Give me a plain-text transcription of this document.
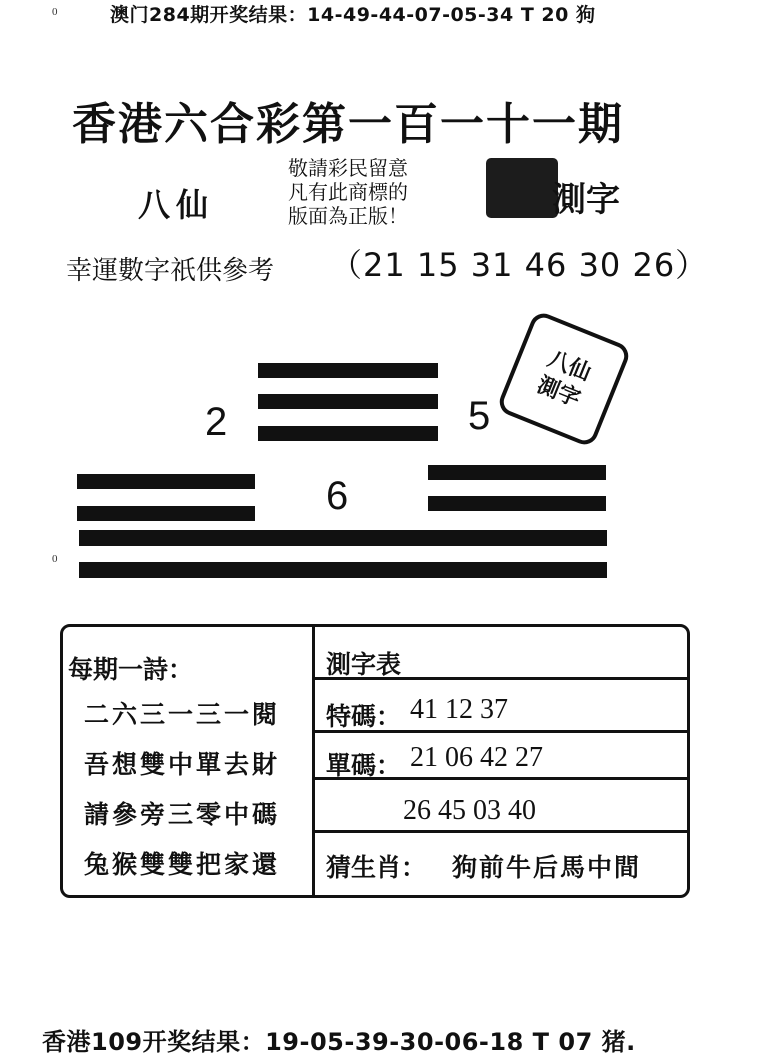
澳门284期开奖结果：14-49-44-07-05-34 T 20 狗
0
0
香港六合彩第一百一十一期
八仙
敬請彩民留意
凡有此商標的
版面為正版！	測字
幸運數字祇供參考 （21 15 31 46 30 26）
2	5
6
八仙
測字
每期一詩：
二六三一三一閱
吾想雙中單去財
請參旁三零中碼
兔猴雙雙把家還
測字表
特碼： 41 12 37
單碼： 21 06 42 27
26 45 03 40
猜生肖： 狗前牛后馬中間
香港109开奖结果：19-05-39-30-06-18 T 07 猪.
